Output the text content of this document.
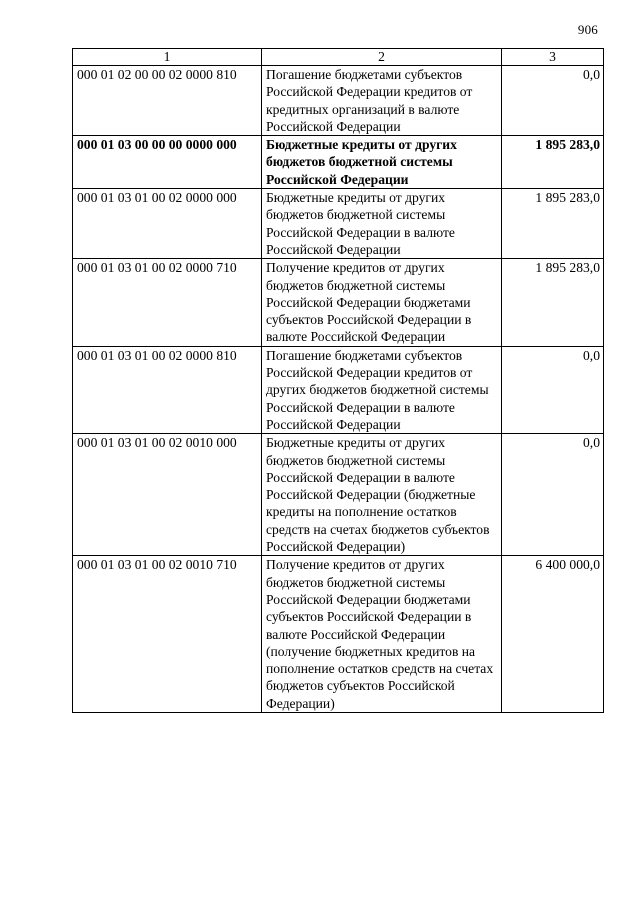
906
1	2	3
000 01 02 00 00 02 0000 810	Погашение бюджетами субъектов Российской Федерации кредитов от кредитных организаций в валюте Российской Федерации	0,0
000 01 03 00 00 00 0000 000	Бюджетные кредиты от других бюджетов бюджетной системы Российской Федерации	1 895 283,0
000 01 03 01 00 02 0000 000	Бюджетные кредиты от других бюджетов бюджетной системы Российской Федерации в валюте Российской Федерации	1 895 283,0
000 01 03 01 00 02 0000 710	Получение кредитов от других бюджетов бюджетной системы Российской Федерации бюджетами субъектов Российской Федерации в валюте Российской Федерации	1 895 283,0
000 01 03 01 00 02 0000 810	Погашение бюджетами субъектов Российской Федерации кредитов от других бюджетов бюджетной системы Российской Федерации в валюте Российской Федерации	0,0
000 01 03 01 00 02 0010 000	Бюджетные кредиты от других бюджетов бюджетной системы Российской Федерации в валюте Российской Федерации (бюджетные кредиты на пополнение остатков средств на счетах бюджетов субъектов Российской Федерации)	0,0
000 01 03 01 00 02 0010 710	Получение кредитов от других бюджетов бюджетной системы Российской Федерации бюджетами субъектов Российской Федерации в валюте Российской Федерации (получение бюджетных кредитов на пополнение остатков средств на счетах бюджетов субъектов Российской Федерации)	6 400 000,0
